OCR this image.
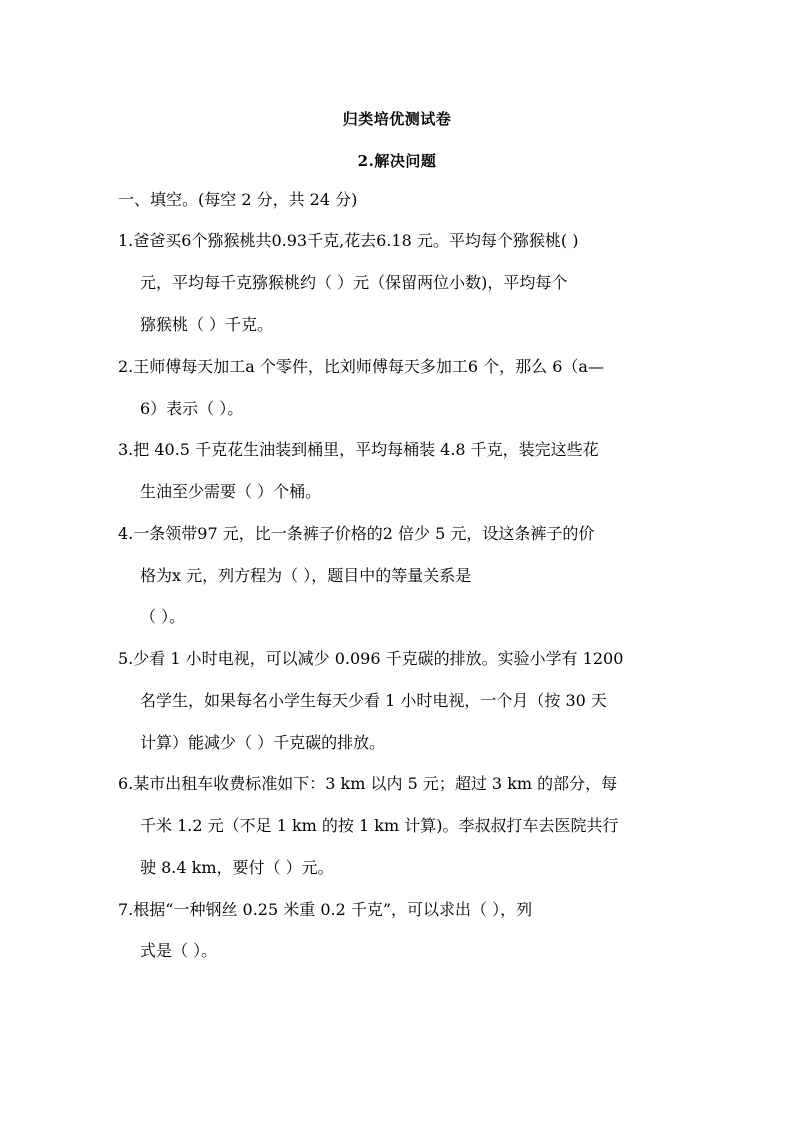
归类培优测试卷
2.解决问题
一、填空。(每空 2 分，共 24 分)
1.爸爸买6个猕猴桃共0.93千克,花去6.18 元。平均每个猕猴桃( )
元，平均每千克猕猴桃约（ ）元（保留两位小数)，平均每个
猕猴桃（ ）千克。
2.王师傅每天加工a 个零件，比刘师傅每天多加工6 个，那么 6（a—
6）表示（ ）。
3.把 40.5 千克花生油装到桶里，平均每桶装 4.8 千克，装完这些花
生油至少需要（ ）个桶。
4.一条领带97 元，比一条裤子价格的2 倍少 5 元，设这条裤子的价
格为x 元，列方程为（ ），题目中的等量关系是
（ ）。
5.少看 1 小时电视，可以减少 0.096 千克碳的排放。实验小学有 1200
名学生，如果每名小学生每天少看 1 小时电视，一个月（按 30 天
计算）能减少（ ）千克碳的排放。
6.某市出租车收费标准如下：3 km 以内 5 元；超过 3 km 的部分，每
千米 1.2 元（不足 1 km 的按 1 km 计算)。李叔叔打车去医院共行
驶 8.4 km，要付（ ）元。
7.根据“一种钢丝 0.25 米重 0.2 千克”，可以求出（ ），列
式是（ ）。
